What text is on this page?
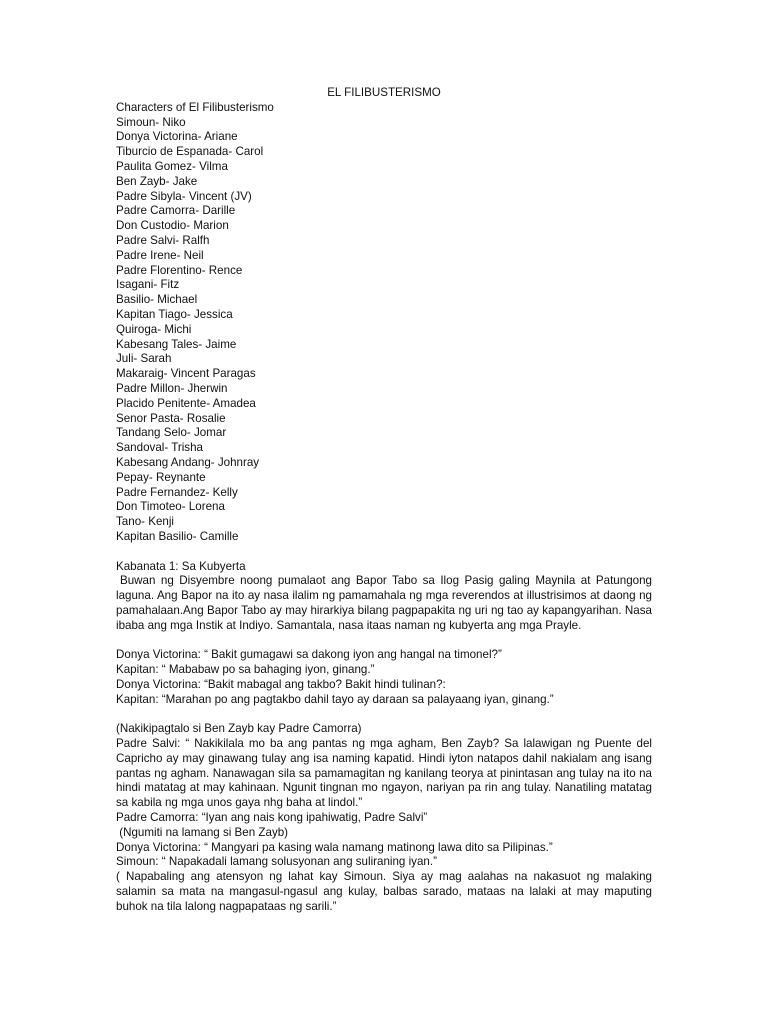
EL FILIBUSTERISMO
Characters of El Filibusterismo
Simoun- Niko
Donya Victorina- Ariane
Tiburcio de Espanada- Carol
Paulita Gomez- Vilma
Ben Zayb- Jake
Padre Sibyla- Vincent (JV)
Padre Camorra- Darille
Don Custodio- Marion
Padre Salvi- Ralfh
Padre Irene- Neil
Padre Florentino- Rence
Isagani- Fitz
Basilio- Michael
Kapitan Tiago- Jessica
Quiroga- Michi
Kabesang Tales- Jaime
Juli- Sarah
Makaraig- Vincent Paragas
Padre Millon- Jherwin
Placido Penitente- Amadea
Senor Pasta- Rosalie
Tandang Selo- Jomar
Sandoval- Trisha
Kabesang Andang- Johnray
Pepay- Reynante
Padre Fernandez- Kelly
Don Timoteo- Lorena
Tano- Kenji
Kapitan Basilio- Camille
Kabanata 1: Sa Kubyerta

Buwan ng Disyembre noong pumalaot ang Bapor Tabo sa Ilog Pasig galing Maynila at Patungong laguna. Ang Bapor na ito ay nasa ilalim ng pamamahala ng mga reverendos at illustrisimos at daong ng pamahalaan.Ang Bapor Tabo ay may hirarkiya bilang pagpapakita ng uri ng tao ay kapangyarihan. Nasa ibaba ang mga Instik at Indiyo. Samantala, nasa itaas naman ng kubyerta ang mga Prayle.

Donya Victorina: “ Bakit gumagawi sa dakong iyon ang hangal na timonel?”
Kapitan: “ Mababaw po sa bahaging iyon, ginang.”
Donya Victorina: “Bakit mabagal ang takbo? Bakit hindi tulinan?:
Kapitan: “Marahan po ang pagtakbo dahil tayo ay daraan sa palayaang iyan, ginang.”
(Nakikipagtalo si Ben Zayb kay Padre Camorra)

Padre Salvi: “ Nakikilala mo ba ang pantas ng mga agham, Ben Zayb? Sa lalawigan ng Puente del Capricho ay may ginawang tulay ang isa naming kapatid. Hindi iyton natapos dahil nakialam ang isang pantas ng agham. Nanawagan sila sa pamamagitan ng kanilang teorya at pinintasan ang tulay na ito na hindi matatag at may kahinaan. Ngunit tingnan mo ngayon, nariyan pa rin ang tulay. Nanatiling matatag sa kabila ng mga unos gaya nhg baha at lindol.”

Padre Camorra: “Iyan ang nais kong ipahiwatig, Padre Salvi”
(Ngumiti na lamang si Ben Zayb)
Donya Victorina: “ Mangyari pa kasing wala namang matinong lawa dito sa Pilipinas.”
Simoun: “ Napakadali lamang solusyonan ang suliraning iyan.”

( Napabaling ang atensyon ng lahat kay Simoun. Siya ay mag aalahas na nakasuot ng malaking salamin sa mata na mangasul-ngasul ang kulay, balbas sarado, mataas na lalaki at may maputing buhok na tila lalong nagpapataas ng sarili.”
